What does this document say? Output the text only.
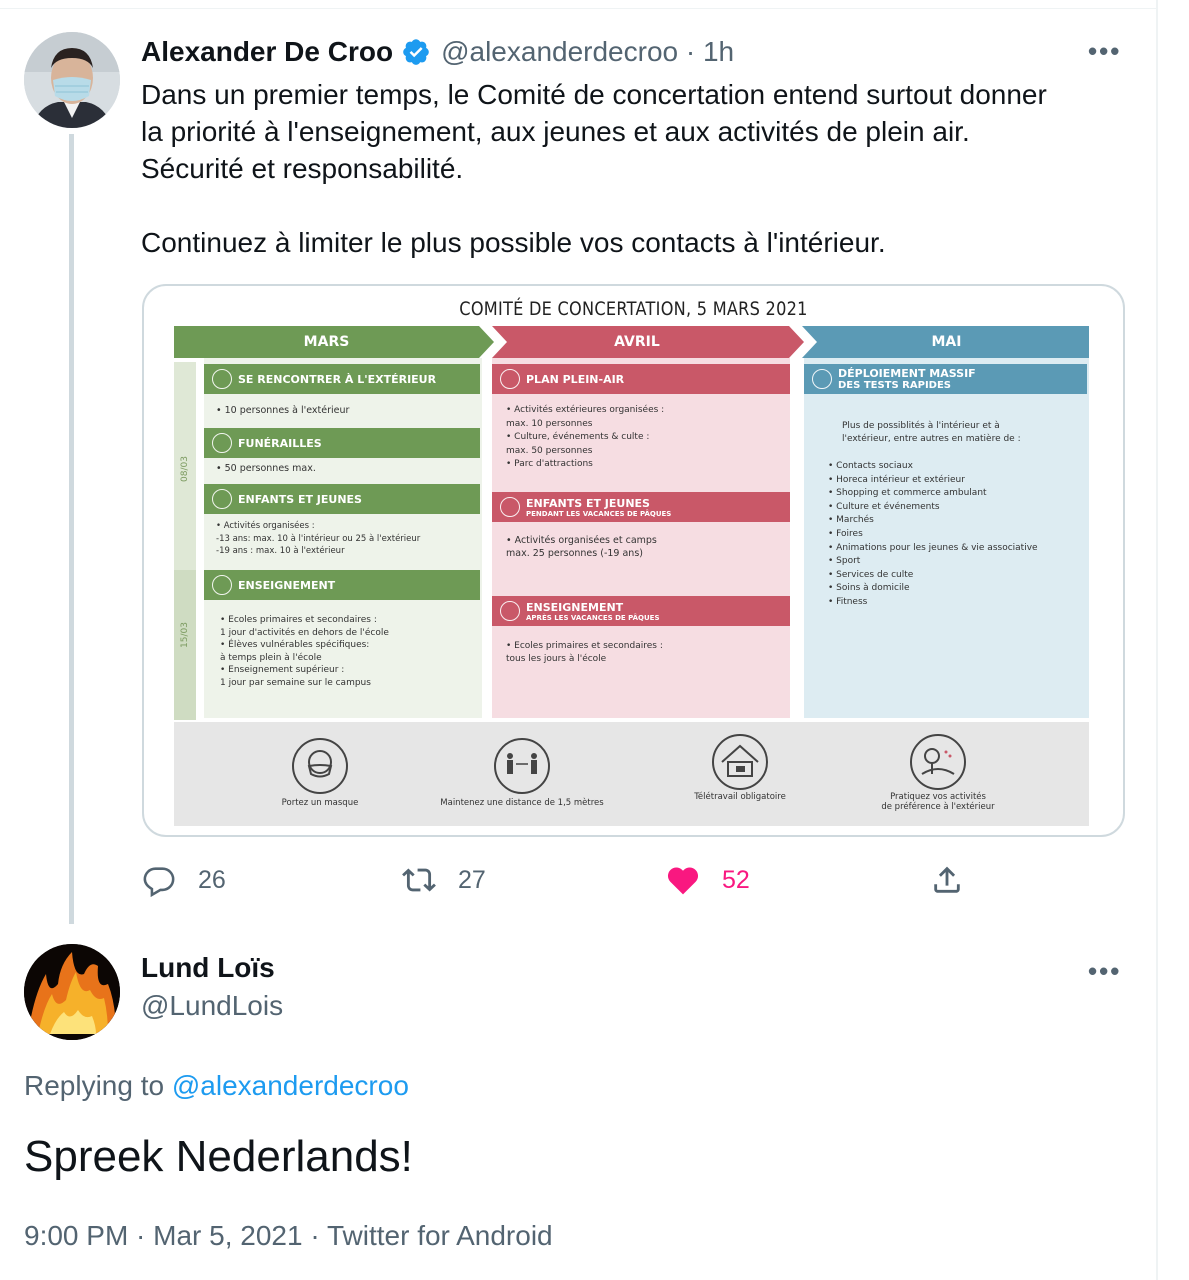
Alexander De Croo @alexanderdecroo · 1h	•••

Dans un premier temps, le Comité de concertation entend surtout donner

la priorité à l'enseignement, aux jeunes et aux activités de plein air.

Sécurité et responsabilité.

Continuez à limiter le plus possible vos contacts à l'intérieur.

COMITÉ DE CONCERTATION, 5 MARS 2021
MARS	AVRIL	MAI
08/03
15/03
SE RENCONTRER À L'EXTÉRIEUR
• 10 personnes à l'extérieur
FUNÉRAILLES
• 50 personnes max.
ENFANTS ET JEUNES
• Activités organisées :
-13 ans: max. 10 à l'intérieur ou 25 à l'extérieur
-19 ans : max. 10 à l'extérieur
ENSEIGNEMENT
• Ecoles primaires et secondaires :
1 jour d'activités en dehors de l'école
• Élèves vulnérables spécifiques:
à temps plein à l'école
• Enseignement supérieur :
1 jour par semaine sur le campus
PLAN PLEIN-AIR
• Activités extérieures organisées :
max. 10 personnes
• Culture, événements & culte :
max. 50 personnes
• Parc d'attractions
ENFANTS ET JEUNES
PENDANT LES VACANCES DE PÂQUES
• Activités organisées et camps
max. 25 personnes (-19 ans)
ENSEIGNEMENT
APRÈS LES VACANCES DE PÂQUES
• Ecoles primaires et secondaires :
tous les jours à l'école
DÉPLOIEMENT MASSIF
DES TESTS RAPIDES
Plus de possiblités à l'intérieur et à
l'extérieur, entre autres en matière de :
• Contacts sociaux
• Horeca intérieur et extérieur
• Shopping et commerce ambulant
• Culture et événements
• Marchés
• Foires
• Animations pour les jeunes & vie associative
• Sport
• Services de culte
• Soins à domicile
• Fitness
Portez un masque	Maintenez une distance de 1,5 mètres
Télétravail obligatoire	Pratiquez vos activités
de préférence à l'extérieur
26	27	52
Lund Loïs
@LundLois
•••
Replying to @alexanderdecroo
Spreek Nederlands!
9:00 PM · Mar 5, 2021 · Twitter for Android
